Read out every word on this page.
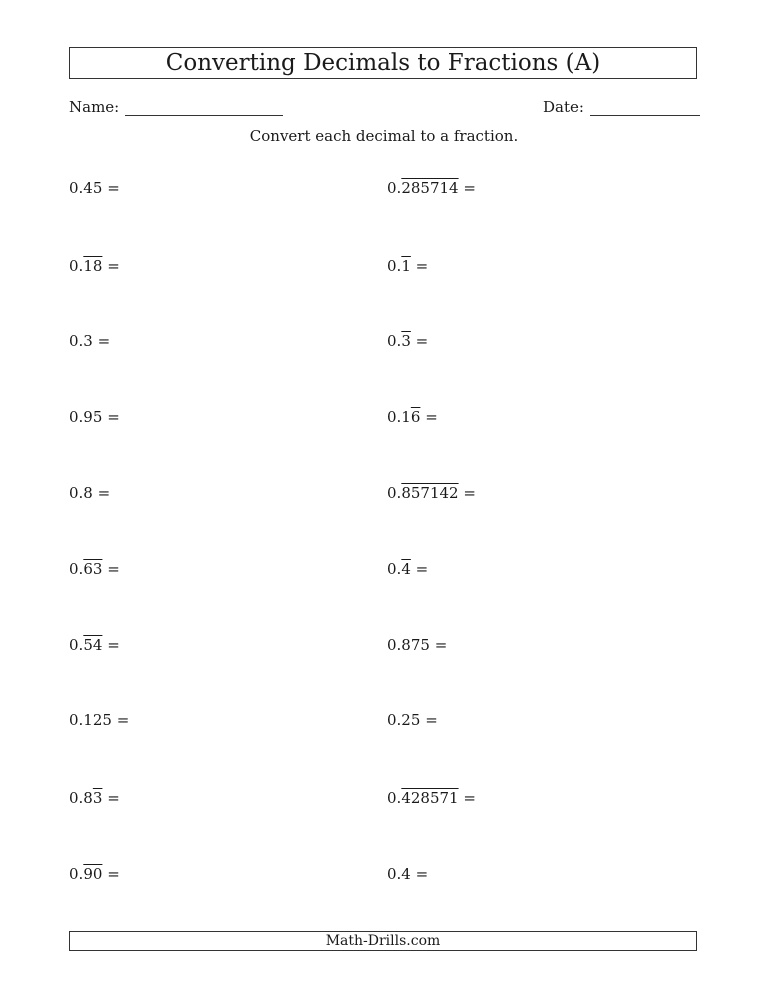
Converting Decimals to Fractions (A)
Name:	Date:
Convert each decimal to a fraction.
0.45 =
0.18 =
0.3 =
0.95 =
0.8 =
0.63 =
0.54 =
0.125 =
0.83 =
0.90 =
0.285714 =
0.1 =
0.3 =
0.16 =
0.857142 =
0.4 =
0.875 =
0.25 =
0.428571 =
0.4 =
Math-Drills.com
